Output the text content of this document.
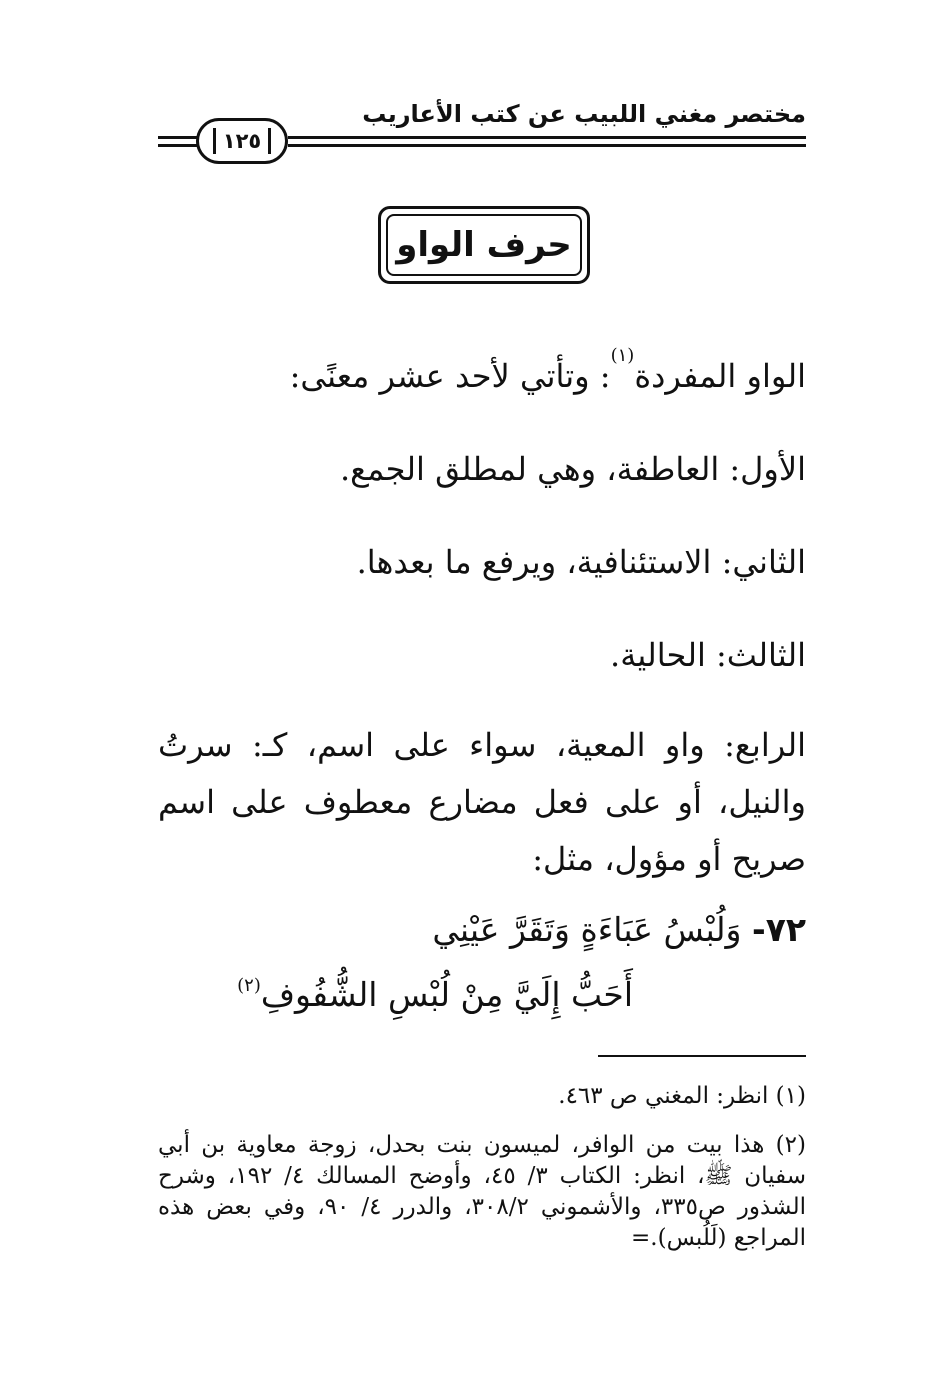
مختصر مغني اللبيب عن كتب الأعاريب
١٢٥
حرف الواو
الواو المفردة$^{(١)}$: وتأتي لأحد عشر معنًى:
الأول: العاطفة، وهي لمطلق الجمع.
الثاني: الاستئنافية، ويرفع ما بعدها.
الثالث: الحالية.
الرابع: واو المعية، سواء على اسم، كـ: سرتُ والنيل، أو على فعل مضارع معطوف على اسم صريح أو مؤول، مثل:
٧٢- وَلُبْسُ عَبَاءَةٍ وَتَقَرَّ عَيْنِي
أَحَبُّ إِلَيَّ مِنْ لُبْسِ الشُّفُوفِ$^{(٢)}$
(١) انظر: المغني ص ٤٦٣.
(٢) هذا بيت من الوافر، لميسون بنت بحدل، زوجة معاوية بن أبي سفيان ﷺ، انظر: الكتاب ٣/ ٤٥، وأوضح المسالك ٤/ ١٩٢، وشرح الشذور ص٣٣٥، والأشموني ٣٠٨/٢، والدرر ٤/ ٩٠، وفي بعض هذه المراجع (لَلُبس).=
